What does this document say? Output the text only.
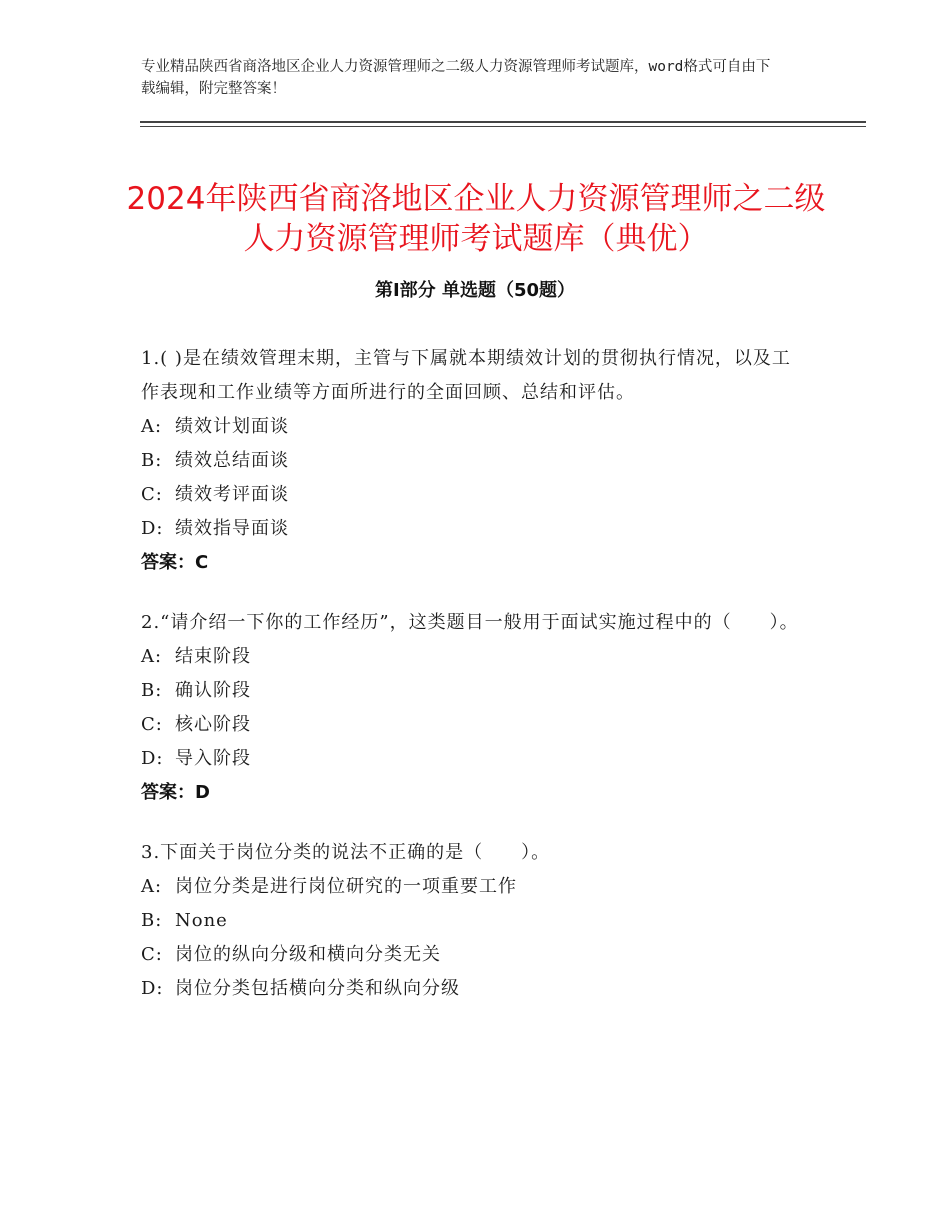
专业精品陕西省商洛地区企业人力资源管理师之二级人力资源管理师考试题库，word格式可自由下载编辑，附完整答案！
2024年陕西省商洛地区企业人力资源管理师之二级人力资源管理师考试题库（典优）
第Ⅰ部分 单选题（50题）
1.( )是在绩效管理末期，主管与下属就本期绩效计划的贯彻执行情况，以及工作表现和工作业绩等方面所进行的全面回顾、总结和评估。
A: 绩效计划面谈
B: 绩效总结面谈
C: 绩效考评面谈
D: 绩效指导面谈
答案：C
2.“请介绍一下你的工作经历”，这类题目一般用于面试实施过程中的（　　）。
A: 结束阶段
B: 确认阶段
C: 核心阶段
D: 导入阶段
答案：D
3.下面关于岗位分类的说法不正确的是（　　）。
A: 岗位分类是进行岗位研究的一项重要工作
B: None
C: 岗位的纵向分级和横向分类无关
D: 岗位分类包括横向分类和纵向分级
